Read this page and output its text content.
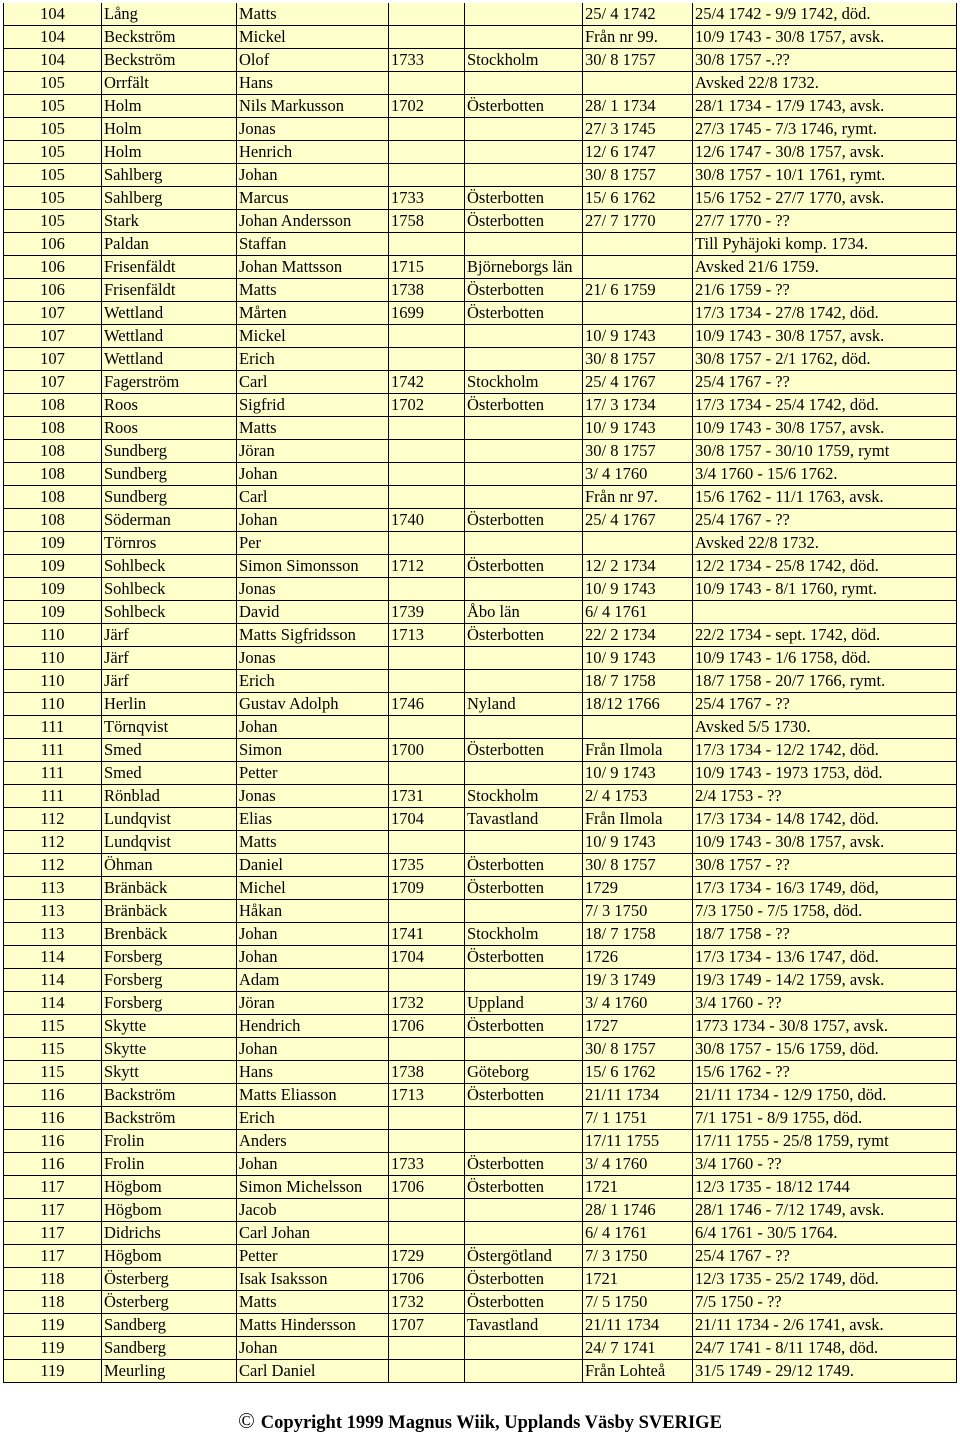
104	Lång	Matts			25/ 4 1742	25/4 1742 - 9/9 1742, död.
104	Beckström	Mickel			Från nr 99.	10/9 1743 - 30/8 1757, avsk.
104	Beckström	Olof	1733	Stockholm	30/ 8 1757	30/8 1757 -.??
105	Orrfält	Hans				Avsked 22/8 1732.
105	Holm	Nils Markusson	1702	Österbotten	28/ 1 1734	28/1 1734 - 17/9 1743, avsk.
105	Holm	Jonas			27/ 3 1745	27/3 1745 - 7/3 1746, rymt.
105	Holm	Henrich			12/ 6 1747	12/6 1747 - 30/8 1757, avsk.
105	Sahlberg	Johan			30/ 8 1757	30/8 1757 - 10/1 1761, rymt.
105	Sahlberg	Marcus	1733	Österbotten	15/ 6 1762	15/6 1752 - 27/7 1770, avsk.
105	Stark	Johan Andersson	1758	Österbotten	27/ 7 1770	27/7 1770 - ??
106	Paldan	Staffan				Till Pyhäjoki komp. 1734.
106	Frisenfäldt	Johan Mattsson	1715	Björneborgs län		Avsked 21/6 1759.
106	Frisenfäldt	Matts	1738	Österbotten	21/ 6 1759	21/6 1759 - ??
107	Wettland	Mårten	1699	Österbotten		17/3 1734 - 27/8 1742, död.
107	Wettland	Mickel			10/ 9 1743	10/9 1743 - 30/8 1757, avsk.
107	Wettland	Erich			30/ 8 1757	30/8 1757 - 2/1 1762, död.
107	Fagerström	Carl	1742	Stockholm	25/ 4 1767	25/4 1767 - ??
108	Roos	Sigfrid	1702	Österbotten	17/ 3 1734	17/3 1734 - 25/4 1742, död.
108	Roos	Matts			10/ 9 1743	10/9 1743 - 30/8 1757, avsk.
108	Sundberg	Jöran			30/ 8 1757	30/8 1757 - 30/10 1759, rymt
108	Sundberg	Johan			3/ 4 1760	3/4 1760 - 15/6 1762.
108	Sundberg	Carl			Från nr 97.	15/6 1762 - 11/1 1763, avsk.
108	Söderman	Johan	1740	Österbotten	25/ 4 1767	25/4 1767 - ??
109	Törnros	Per				Avsked 22/8 1732.
109	Sohlbeck	Simon Simonsson	1712	Österbotten	12/ 2 1734	12/2 1734 - 25/8 1742, död.
109	Sohlbeck	Jonas			10/ 9 1743	10/9 1743 - 8/1 1760, rymt.
109	Sohlbeck	David	1739	Åbo län	6/ 4 1761	
110	Järf	Matts Sigfridsson	1713	Österbotten	22/ 2 1734	22/2 1734 - sept. 1742, död.
110	Järf	Jonas			10/ 9 1743	10/9 1743 - 1/6 1758, död.
110	Järf	Erich			18/ 7 1758	18/7 1758 - 20/7 1766, rymt.
110	Herlin	Gustav Adolph	1746	Nyland	18/12 1766	25/4 1767 - ??
111	Törnqvist	Johan				Avsked 5/5 1730.
111	Smed	Simon	1700	Österbotten	Från Ilmola	17/3 1734 - 12/2 1742, död.
111	Smed	Petter			10/ 9 1743	10/9 1743 - 1973 1753, död.
111	Rönblad	Jonas	1731	Stockholm	2/ 4 1753	2/4 1753 - ??
112	Lundqvist	Elias	1704	Tavastland	Från Ilmola	17/3 1734 - 14/8 1742, död.
112	Lundqvist	Matts			10/ 9 1743	10/9 1743 - 30/8 1757, avsk.
112	Öhman	Daniel	1735	Österbotten	30/ 8 1757	30/8 1757 - ??
113	Bränbäck	Michel	1709	Österbotten	1729	17/3 1734 - 16/3 1749, död,
113	Bränbäck	Håkan			7/ 3 1750	7/3 1750 - 7/5 1758, död.
113	Brenbäck	Johan	1741	Stockholm	18/ 7 1758	18/7 1758 - ??
114	Forsberg	Johan	1704	Österbotten	1726	17/3 1734 - 13/6 1747, död.
114	Forsberg	Adam			19/ 3 1749	19/3 1749 - 14/2 1759, avsk.
114	Forsberg	Jöran	1732	Uppland	3/ 4 1760	3/4 1760 - ??
115	Skytte	Hendrich	1706	Österbotten	1727	1773 1734 - 30/8 1757, avsk.
115	Skytte	Johan			30/ 8 1757	30/8 1757 - 15/6 1759, död.
115	Skytt	Hans	1738	Göteborg	15/ 6 1762	15/6 1762 - ??
116	Backström	Matts Eliasson	1713	Österbotten	21/11 1734	21/11 1734 - 12/9 1750, död.
116	Backström	Erich			7/ 1 1751	7/1 1751 - 8/9 1755, död.
116	Frolin	Anders			17/11 1755	17/11 1755 - 25/8 1759, rymt
116	Frolin	Johan	1733	Österbotten	3/ 4 1760	3/4 1760 - ??
117	Högbom	Simon Michelsson	1706	Österbotten	1721	12/3 1735 - 18/12 1744
117	Högbom	Jacob			28/ 1 1746	28/1 1746 - 7/12 1749, avsk.
117	Didrichs	Carl Johan			6/ 4 1761	6/4 1761 - 30/5 1764.
117	Högbom	Petter	1729	Östergötland	7/ 3 1750	25/4 1767 - ??
118	Österberg	Isak Isaksson	1706	Österbotten	1721	12/3 1735 - 25/2 1749, död.
118	Österberg	Matts	1732	Österbotten	7/ 5 1750	7/5 1750 - ??
119	Sandberg	Matts Hindersson	1707	Tavastland	21/11 1734	21/11 1734 - 2/6 1741, avsk.
119	Sandberg	Johan			24/ 7 1741	24/7 1741 - 8/11 1748, död.
119	Meurling	Carl Daniel			Från Lohteå	31/5 1749 - 29/12 1749.
© Copyright 1999 Magnus Wiik, Upplands Väsby SVERIGE
